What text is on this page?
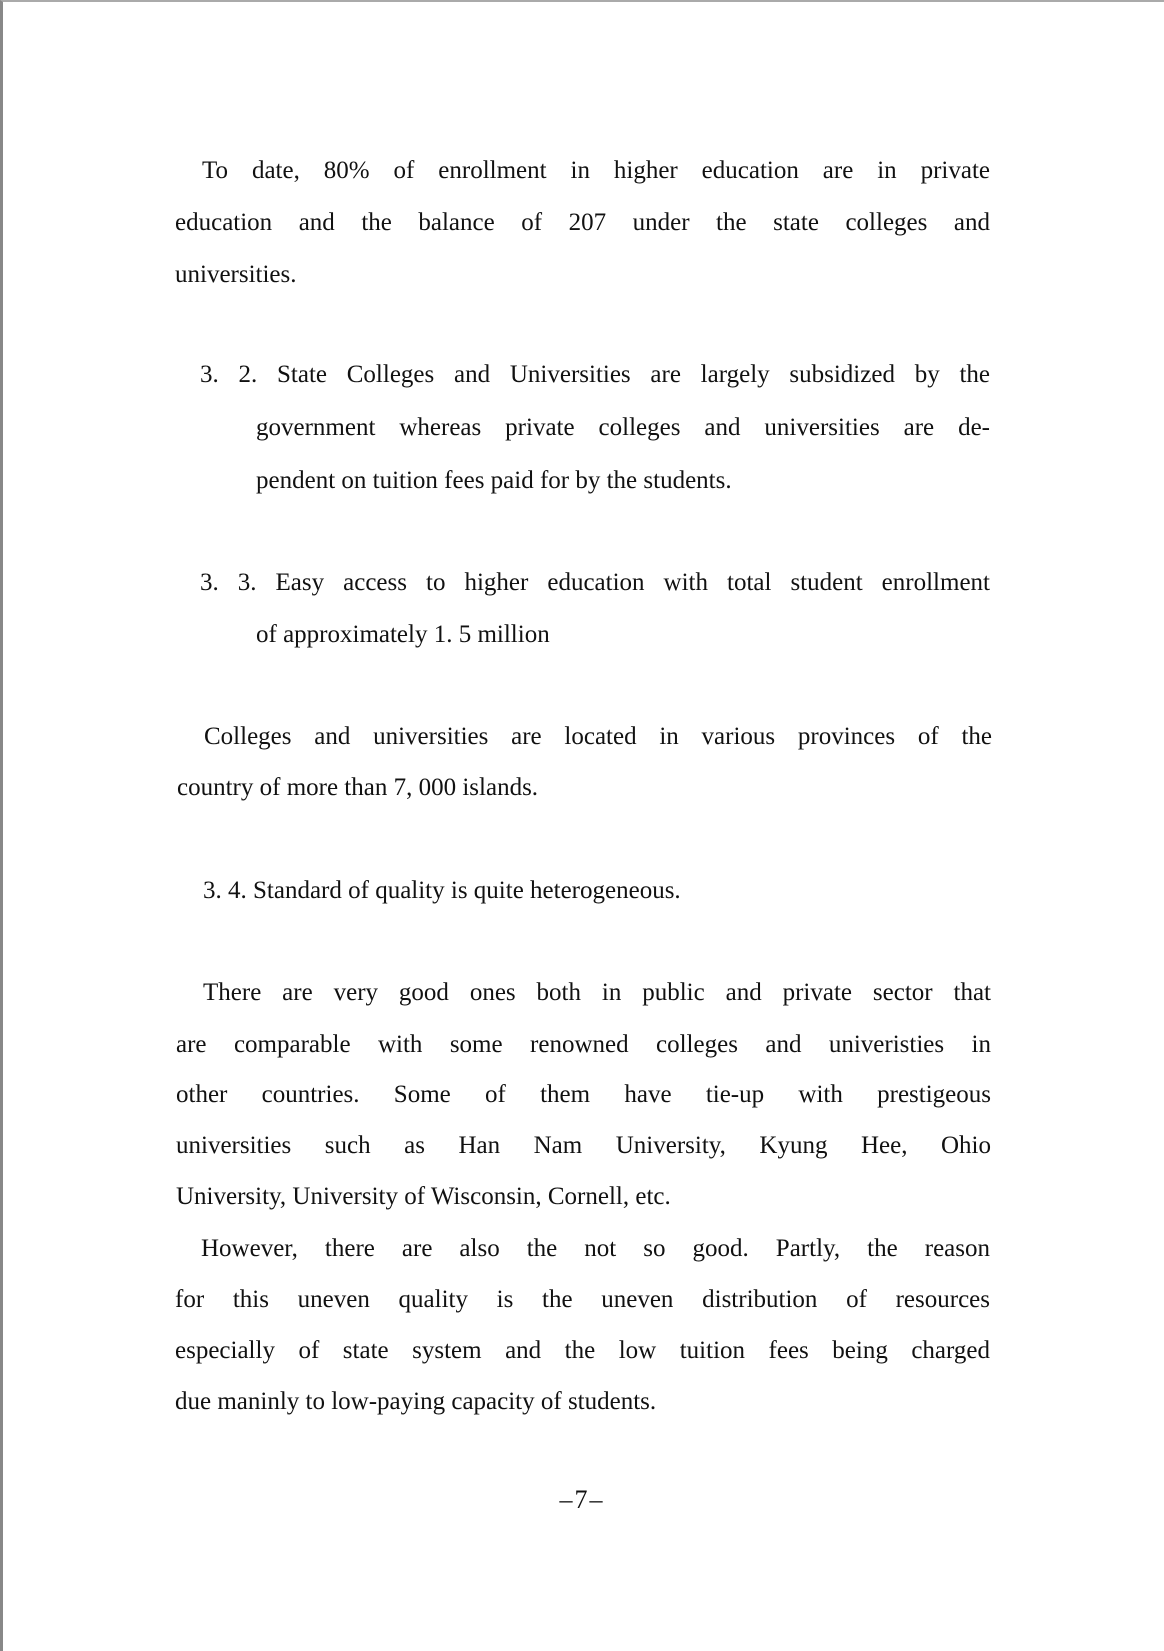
To date, 80% of enrollment in higher education are in private
education and the balance of 207 under the state colleges and
universities.
3. 2. State Colleges and Universities are largely subsidized by the
government whereas private colleges and universities are de-
pendent on tuition fees paid for by the students.
3. 3. Easy access to higher education with total student enrollment
of approximately 1. 5 million
Colleges and universities are located in various provinces of the
country of more than 7, 000 islands.
3. 4. Standard of quality is quite heterogeneous.
There are very good ones both in public and private sector that
are comparable with some renowned colleges and univeristies in
other countries. Some of them have tie-up with prestigeous
universities such as Han Nam University, Kyung Hee, Ohio
University, University of Wisconsin, Cornell, etc.
However, there are also the not so good. Partly, the reason
for this uneven quality is the uneven distribution of resources
especially of state system and the low tuition fees being charged
due maninly to low-paying capacity of students.
–7–
